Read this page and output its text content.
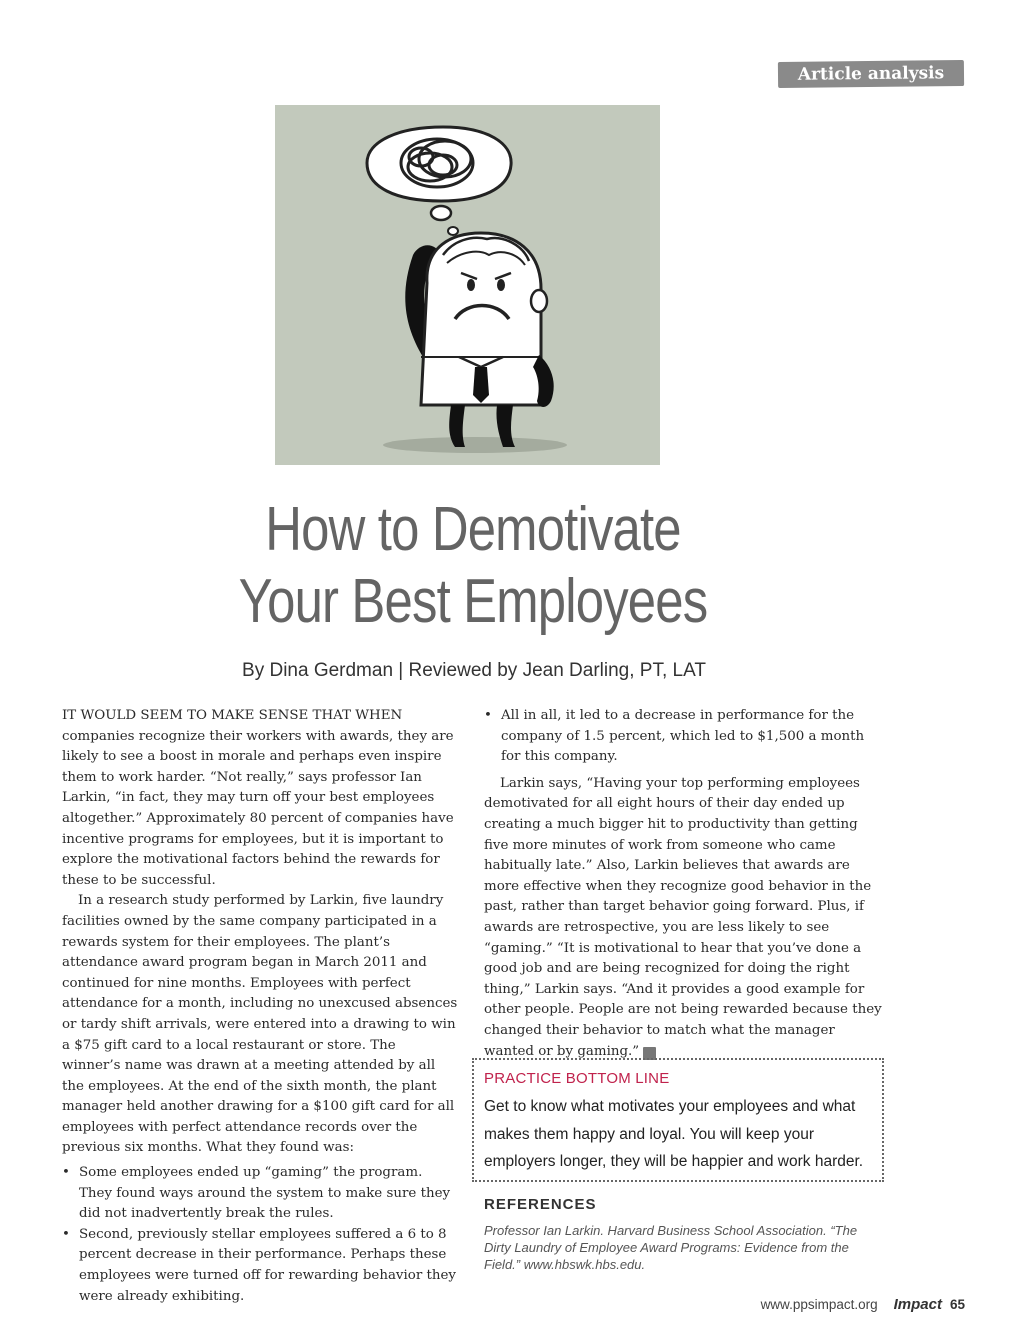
Article analysis
How to Demotivate
Your Best Employees
By Dina Gerdman | Reviewed by Jean Darling, PT, LAT

IT WOULD SEEM TO MAKE SENSE THAT WHEN companies recognize their workers with awards, they are likely to see a boost in morale and perhaps even inspire them to work harder. “Not really,” says professor Ian Larkin, “in fact, they may turn off your best employees altogether.” Approximately 80 percent of companies have incentive programs for employees, but it is important to explore the motivational factors behind the rewards for these to be successful.

In a research study performed by Larkin, five laundry facilities owned by the same company participated in a rewards system for their employees. The plant’s attendance award program began in March 2011 and continued for nine months. Employees with perfect attendance for a month, including no unexcused absences or tardy shift arrivals, were entered into a drawing to win a $75 gift card to a local restaurant or store. The winner’s name was drawn at a meeting attended by all the employees. At the end of the sixth month, the plant manager held another drawing for a $100 gift card for all employees with perfect attendance records over the previous six months. What they found was:

• Some employees ended up “gaming” the program. They found ways around the system to make sure they did not inadvertently break the rules.
• Second, previously stellar employees suffered a 6 to 8 percent decrease in their performance. Perhaps these employees were turned off for rewarding behavior they were already exhibiting.
• All in all, it led to a decrease in performance for the company of 1.5 percent, which led to $1,500 a month for this company.

Larkin says, “Having your top performing employees demotivated for all eight hours of their day ended up creating a much bigger hit to productivity than getting five more minutes of work from someone who came habitually late.” Also, Larkin believes that awards are more effective when they recognize good behavior in the past, rather than target behavior going forward. Plus, if awards are retrospective, you are less likely to see “gaming.” “It is motivational to hear that you’ve done a good job and are being recognized for doing the right thing,” Larkin says. “And it provides a good example for other people. People are not being rewarded because they changed their behavior to match what the manager wanted or by gaming.” I

PRACTICE BOTTOM LINE

Get to know what motivates your employees and what makes them happy and loyal. You will keep your employers longer, they will be happier and work harder.

REFERENCES

Professor Ian Larkin. Harvard Business School Association. “The Dirty Laundry of Employee Award Programs: Evidence from the Field.” www.hbswk.hbs.edu.

www.ppsimpact.org Impact 65
